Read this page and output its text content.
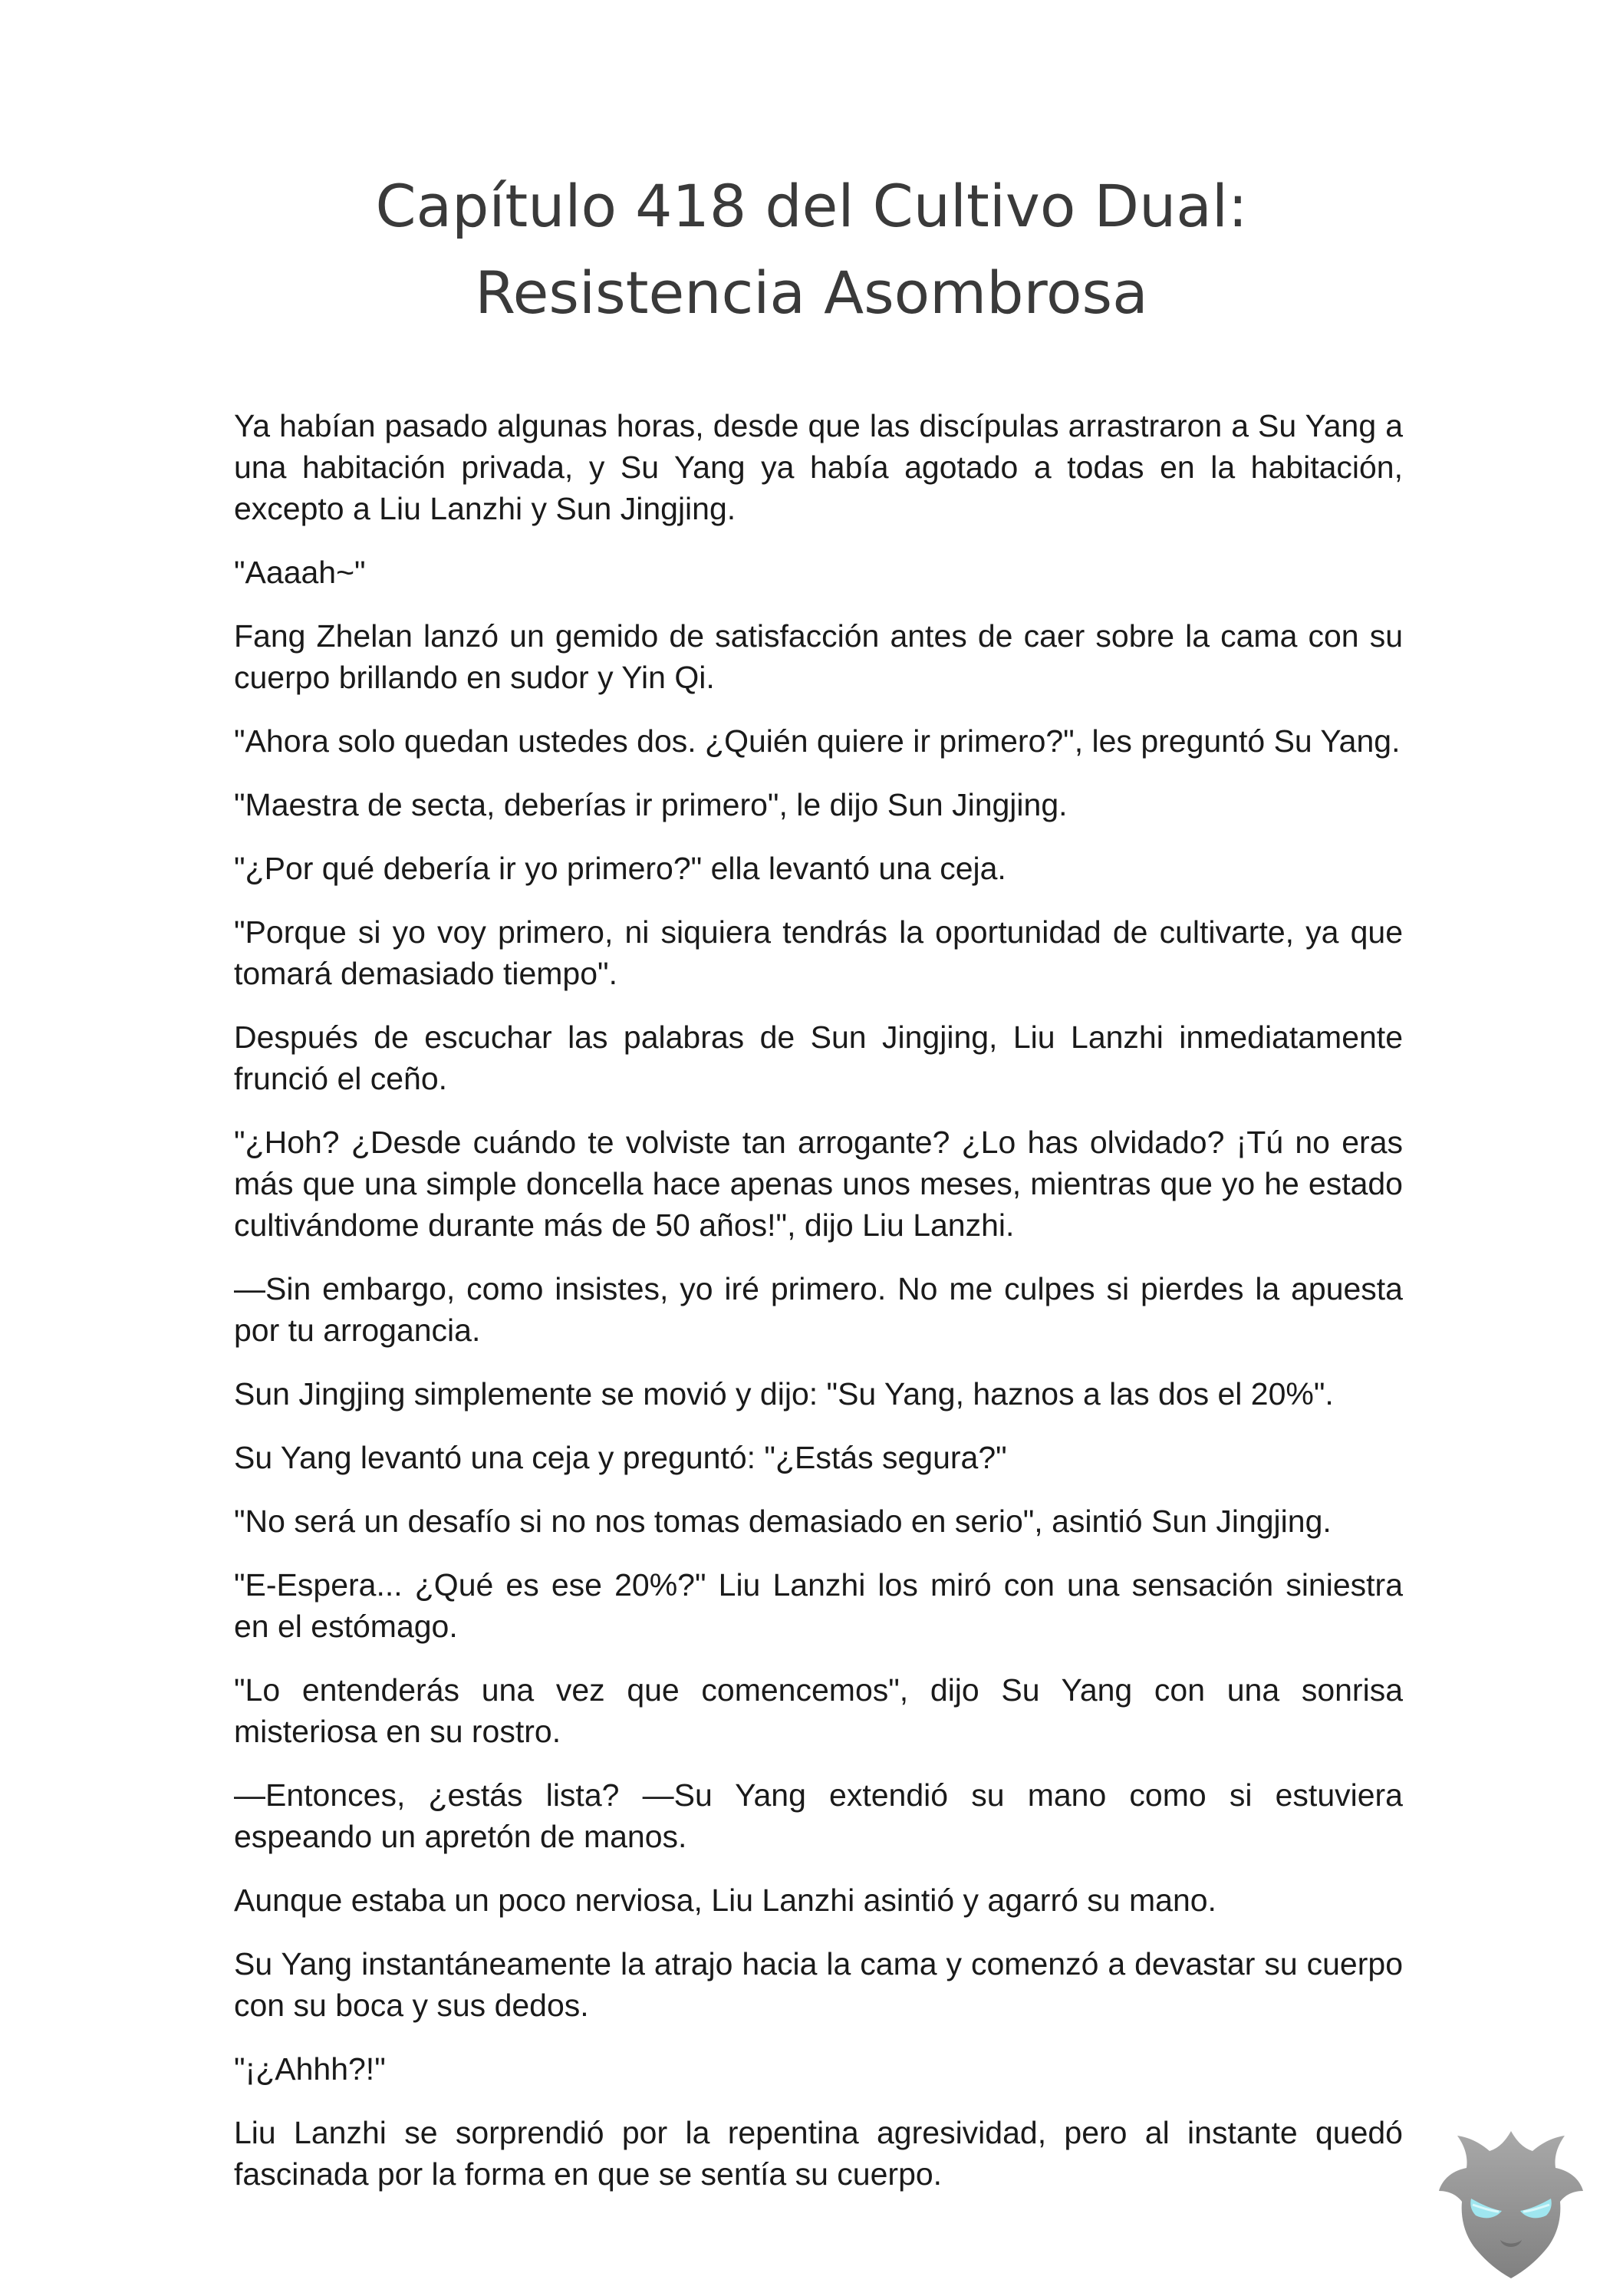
Capítulo 418 del Cultivo Dual:
Resistencia Asombrosa

Ya habían pasado algunas horas, desde que las discípulas arrastraron a Su Yang a una habitación privada, y Su Yang ya había agotado a todas en la habitación, excepto a Liu Lanzhi y Sun Jingjing.

"Aaaah~"

Fang Zhelan lanzó un gemido de satisfacción antes de caer sobre la cama con su cuerpo brillando en sudor y Yin Qi.

"Ahora solo quedan ustedes dos. ¿Quién quiere ir primero?", les preguntó Su Yang.

"Maestra de secta, deberías ir primero", le dijo Sun Jingjing.

"¿Por qué debería ir yo primero?" ella levantó una ceja.

"Porque si yo voy primero, ni siquiera tendrás la oportunidad de cultivarte, ya que tomará demasiado tiempo".

Después de escuchar las palabras de Sun Jingjing, Liu Lanzhi inmediatamente frunció el ceño.

"¿Hoh? ¿Desde cuándo te volviste tan arrogante? ¿Lo has olvidado? ¡Tú no eras más que una simple doncella hace apenas unos meses, mientras que yo he estado cultivándome durante más de 50 años!", dijo Liu Lanzhi.

—Sin embargo, como insistes, yo iré primero. No me culpes si pierdes la apuesta por tu arrogancia.

Sun Jingjing simplemente se movió y dijo: "Su Yang, haznos a las dos el 20%".

Su Yang levantó una ceja y preguntó: "¿Estás segura?"

"No será un desafío si no nos tomas demasiado en serio", asintió Sun Jingjing.

"E-Espera... ¿Qué es ese 20%?" Liu Lanzhi los miró con una sensación siniestra en el estómago.

"Lo entenderás una vez que comencemos", dijo Su Yang con una sonrisa misteriosa en su rostro.

—Entonces, ¿estás lista? —Su Yang extendió su mano como si estuviera espeando un apretón de manos.

Aunque estaba un poco nerviosa, Liu Lanzhi asintió y agarró su mano.

Su Yang instantáneamente la atrajo hacia la cama y comenzó a devastar su cuerpo con su boca y sus dedos.

"¡¿Ahhh?!"

Liu Lanzhi se sorprendió por la repentina agresividad, pero al instante quedó fascinada por la forma en que se sentía su cuerpo.
